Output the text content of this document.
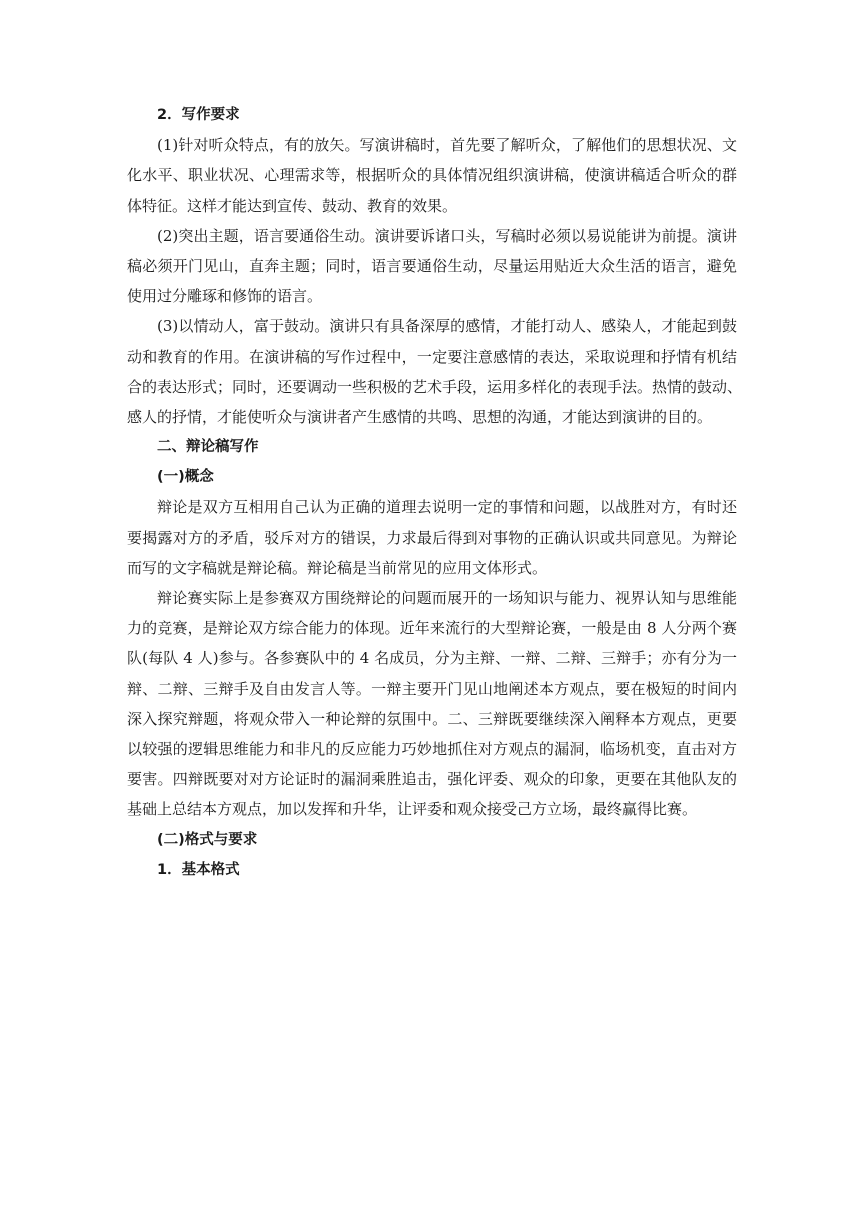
2．写作要求
(1)针对听众特点，有的放矢。写演讲稿时，首先要了解听众，了解他们的思想状况、文
化水平、职业状况、心理需求等，根据听众的具体情况组织演讲稿，使演讲稿适合听众的群
体特征。这样才能达到宣传、鼓动、教育的效果。
(2)突出主题，语言要通俗生动。演讲要诉诸口头，写稿时必须以易说能讲为前提。演讲
稿必须开门见山，直奔主题；同时，语言要通俗生动，尽量运用贴近大众生活的语言，避免
使用过分雕琢和修饰的语言。
(3)以情动人，富于鼓动。演讲只有具备深厚的感情，才能打动人、感染人，才能起到鼓
动和教育的作用。在演讲稿的写作过程中，一定要注意感情的表达，采取说理和抒情有机结
合的表达形式；同时，还要调动一些积极的艺术手段，运用多样化的表现手法。热情的鼓动、
感人的抒情，才能使听众与演讲者产生感情的共鸣、思想的沟通，才能达到演讲的目的。
二、辩论稿写作
(一)概念
辩论是双方互相用自己认为正确的道理去说明一定的事情和问题，以战胜对方，有时还
要揭露对方的矛盾，驳斥对方的错误，力求最后得到对事物的正确认识或共同意见。为辩论
而写的文字稿就是辩论稿。辩论稿是当前常见的应用文体形式。
辩论赛实际上是参赛双方围绕辩论的问题而展开的一场知识与能力、视界认知与思维能
力的竞赛，是辩论双方综合能力的体现。近年来流行的大型辩论赛，一般是由 8 人分两个赛
队(每队 4 人)参与。各参赛队中的 4 名成员，分为主辩、一辩、二辩、三辩手；亦有分为一
辩、二辩、三辩手及自由发言人等。一辩主要开门见山地阐述本方观点，要在极短的时间内
深入探究辩题，将观众带入一种论辩的氛围中。二、三辩既要继续深入阐释本方观点，更要
以较强的逻辑思维能力和非凡的反应能力巧妙地抓住对方观点的漏洞，临场机变，直击对方
要害。四辩既要对对方论证时的漏洞乘胜追击，强化评委、观众的印象，更要在其他队友的
基础上总结本方观点，加以发挥和升华，让评委和观众接受己方立场，最终赢得比赛。
(二)格式与要求
1．基本格式
